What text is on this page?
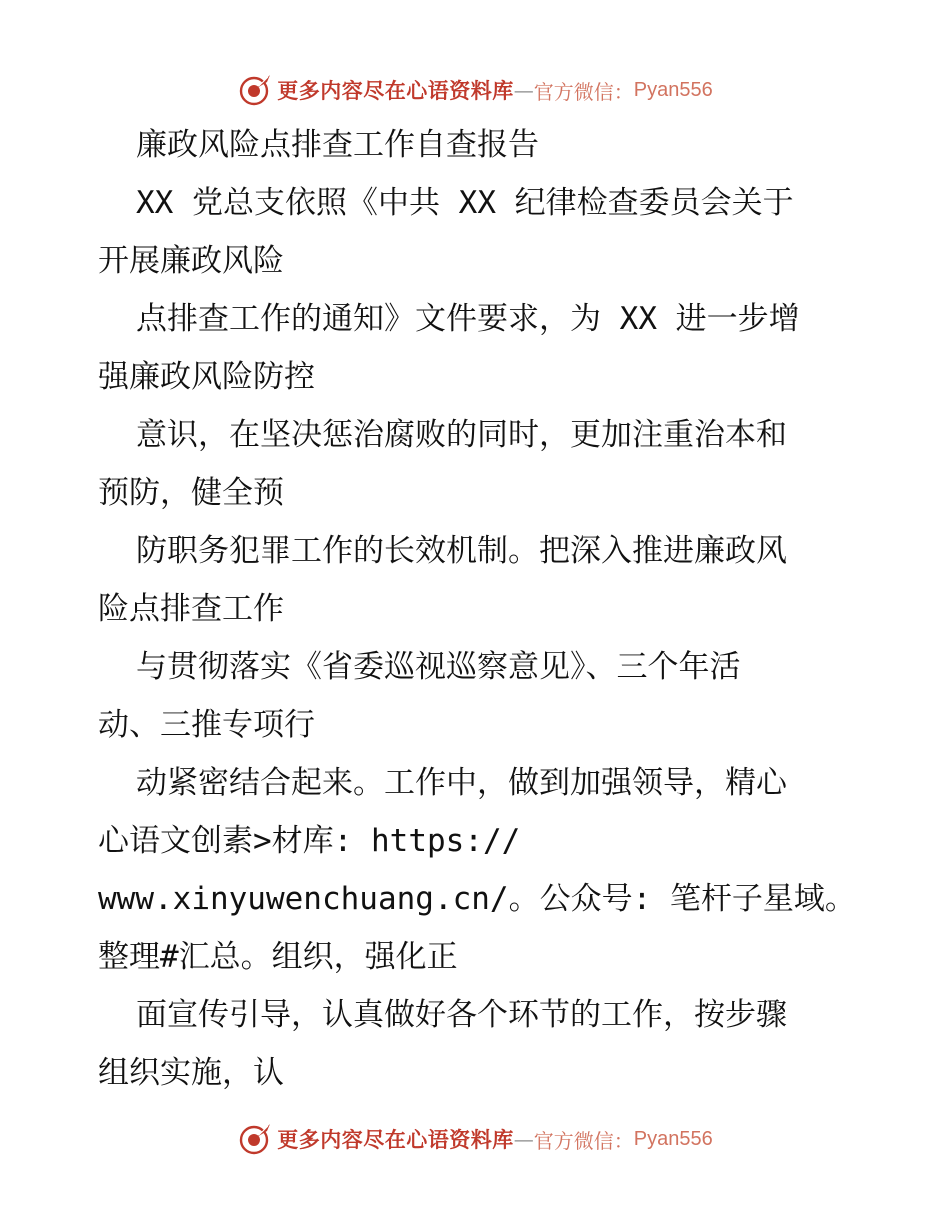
更多内容尽在心语资料库 — 官方微信： Pyan556
廉政风险点排查工作自查报告
XX 党总支依照《中共 XX 纪律检查委员会关于
开展廉政风险
点排查工作的通知》文件要求，为 XX 进一步增
强廉政风险防控
意识，在坚决惩治腐败的同时，更加注重治本和
预防，健全预
防职务犯罪工作的长效机制。把深入推进廉政风
险点排查工作
与贯彻落实《省委巡视巡察意见》、三个年活
动、三推专项行
动紧密结合起来。工作中，做到加强领导，精心
心语文创素>材库: https://
www.xinyuwenchuang.cn/。公众号: 笔杆子星域。
整理#汇总。组织，强化正
面宣传引导，认真做好各个环节的工作，按步骤
组织实施，认
更多内容尽在心语资料库 — 官方微信： Pyan556
